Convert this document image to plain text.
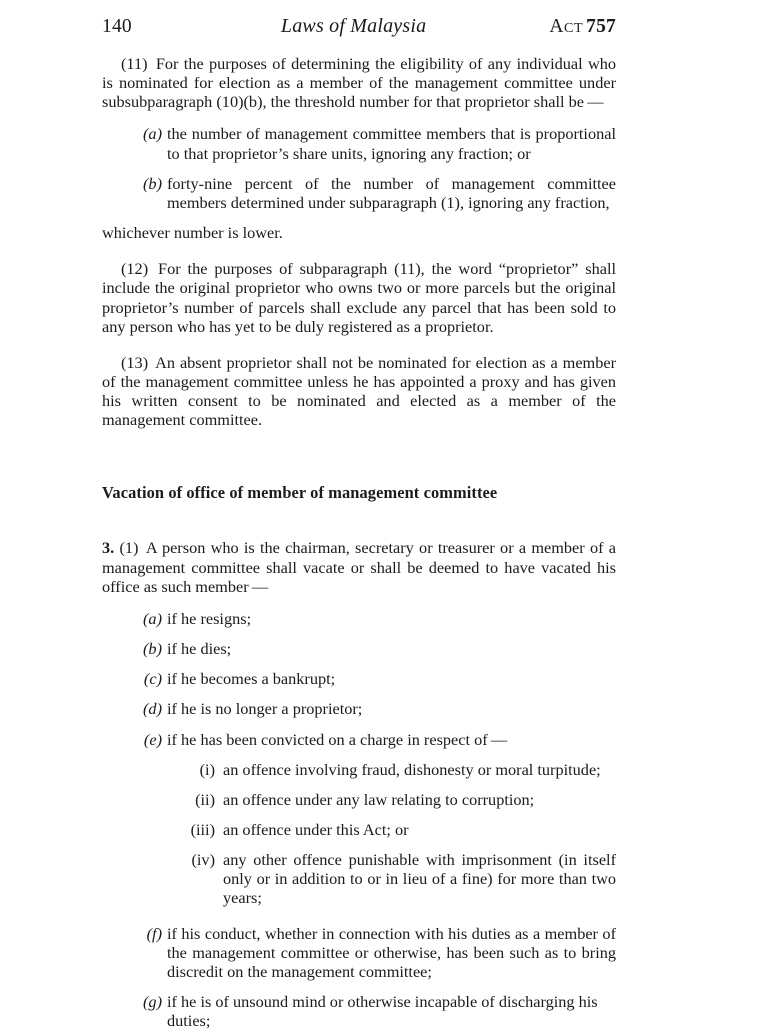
140	Laws of Malaysia	Act 757

(11) For the purposes of determining the eligibility of any individual who is nominated for election as a member of the management committee under subsubparagraph (10)(b), the threshold number for that proprietor shall be —

(a) the number of management committee members that is proportional to that proprietor’s share units, ignoring any fraction; or
(b) forty-nine percent of the number of management committee members determined under subparagraph (1), ignoring any fraction,

whichever number is lower.

(12) For the purposes of subparagraph (11), the word “proprietor” shall include the original proprietor who owns two or more parcels but the original proprietor’s number of parcels shall exclude any parcel that has been sold to any person who has yet to be duly registered as a proprietor.

(13) An absent proprietor shall not be nominated for election as a member of the management committee unless he has appointed a proxy and has given his written consent to be nominated and elected as a member of the management committee.

Vacation of office of member of management committee

3. (1) A person who is the chairman, secretary or treasurer or a member of a management committee shall vacate or shall be deemed to have vacated his office as such member —

(a) if he resigns;
(b) if he dies;
(c) if he becomes a bankrupt;
(d) if he is no longer a proprietor;
(e) if he has been convicted on a charge in respect of —
(i) an offence involving fraud, dishonesty or moral turpitude;
(ii) an offence under any law relating to corruption;
(iii) an offence under this Act; or
(iv) any other offence punishable with imprisonment (in itself only or in addition to or in lieu of a fine) for more than two years;
(f) if his conduct, whether in connection with his duties as a member of the management committee or otherwise, has been such as to bring discredit on the management committee;
(g) if he is of unsound mind or otherwise incapable of discharging his duties;
